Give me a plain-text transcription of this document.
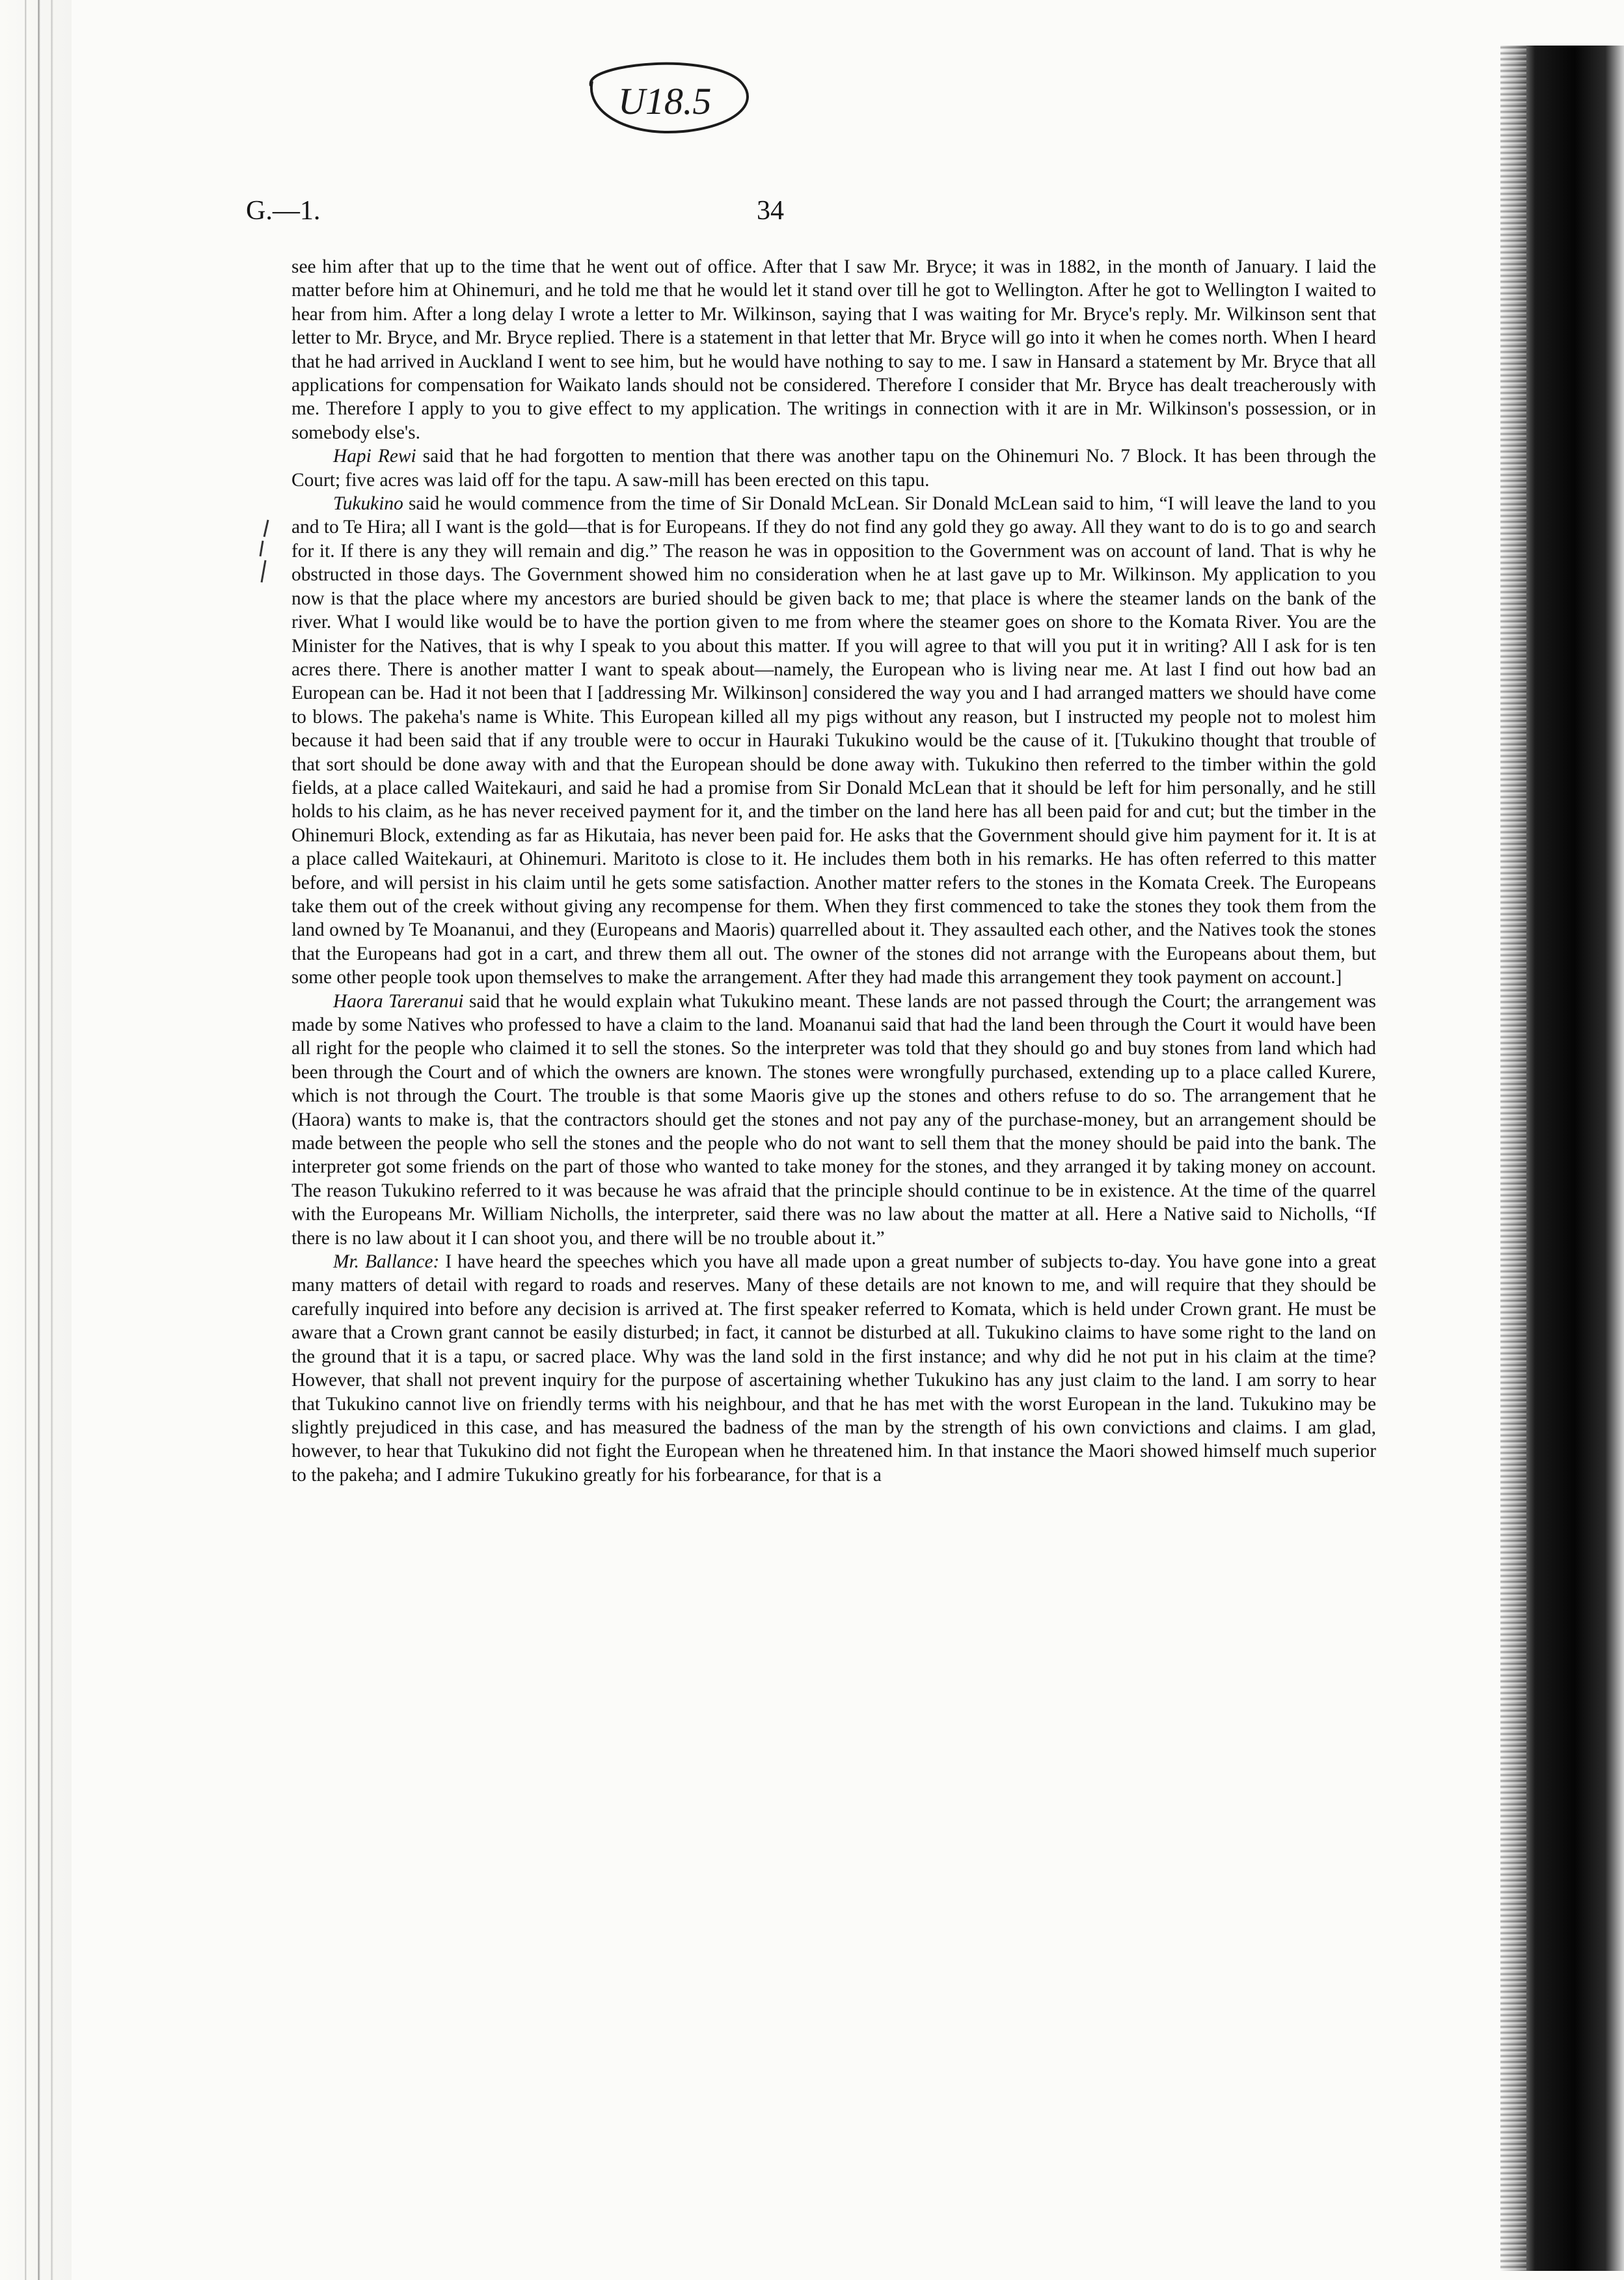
U18.5
G.—1.	34

see him after that up to the time that he went out of office. After that I saw Mr. Bryce; it was in 1882, in the month of January. I laid the matter before him at Ohinemuri, and he told me that he would let it stand over till he got to Wellington. After he got to Wellington I waited to hear from him. After a long delay I wrote a letter to Mr. Wilkinson, saying that I was waiting for Mr. Bryce's reply. Mr. Wilkinson sent that letter to Mr. Bryce, and Mr. Bryce replied. There is a statement in that letter that Mr. Bryce will go into it when he comes north. When I heard that he had arrived in Auckland I went to see him, but he would have nothing to say to me. I saw in Hansard a statement by Mr. Bryce that all applications for compensation for Waikato lands should not be considered. Therefore I consider that Mr. Bryce has dealt treacherously with me. Therefore I apply to you to give effect to my application. The writings in connection with it are in Mr. Wilkinson's possession, or in somebody else's.

Hapi Rewi said that he had forgotten to mention that there was another tapu on the Ohinemuri No. 7 Block. It has been through the Court; five acres was laid off for the tapu. A saw-mill has been erected on this tapu.

Tukukino said he would commence from the time of Sir Donald McLean. Sir Donald McLean said to him, “I will leave the land to you and to Te Hira; all I want is the gold—that is for Europeans. If they do not find any gold they go away. All they want to do is to go and search for it. If there is any they will remain and dig.” The reason he was in opposition to the Government was on account of land. That is why he obstructed in those days. The Government showed him no consideration when he at last gave up to Mr. Wilkinson. My application to you now is that the place where my ancestors are buried should be given back to me; that place is where the steamer lands on the bank of the river. What I would like would be to have the portion given to me from where the steamer goes on shore to the Komata River. You are the Minister for the Natives, that is why I speak to you about this matter. If you will agree to that will you put it in writing? All I ask for is ten acres there. There is another matter I want to speak about—namely, the European who is living near me. At last I find out how bad an European can be. Had it not been that I [addressing Mr. Wilkinson] considered the way you and I had arranged matters we should have come to blows. The pakeha's name is White. This European killed all my pigs without any reason, but I instructed my people not to molest him because it had been said that if any trouble were to occur in Hauraki Tukukino would be the cause of it. [Tukukino thought that trouble of that sort should be done away with and that the European should be done away with. Tukukino then referred to the timber within the gold fields, at a place called Waitekauri, and said he had a promise from Sir Donald McLean that it should be left for him personally, and he still holds to his claim, as he has never received payment for it, and the timber on the land here has all been paid for and cut; but the timber in the Ohinemuri Block, extending as far as Hikutaia, has never been paid for. He asks that the Government should give him payment for it. It is at a place called Waitekauri, at Ohinemuri. Maritoto is close to it. He includes them both in his remarks. He has often referred to this matter before, and will persist in his claim until he gets some satisfaction. Another matter refers to the stones in the Komata Creek. The Europeans take them out of the creek without giving any recompense for them. When they first commenced to take the stones they took them from the land owned by Te Moananui, and they (Europeans and Maoris) quarrelled about it. They assaulted each other, and the Natives took the stones that the Europeans had got in a cart, and threw them all out. The owner of the stones did not arrange with the Europeans about them, but some other people took upon themselves to make the arrangement. After they had made this arrangement they took payment on account.]

Haora Tareranui said that he would explain what Tukukino meant. These lands are not passed through the Court; the arrangement was made by some Natives who professed to have a claim to the land. Moananui said that had the land been through the Court it would have been all right for the people who claimed it to sell the stones. So the interpreter was told that they should go and buy stones from land which had been through the Court and of which the owners are known. The stones were wrongfully purchased, extending up to a place called Kurere, which is not through the Court. The trouble is that some Maoris give up the stones and others refuse to do so. The arrangement that he (Haora) wants to make is, that the contractors should get the stones and not pay any of the purchase-money, but an arrangement should be made between the people who sell the stones and the people who do not want to sell them that the money should be paid into the bank. The interpreter got some friends on the part of those who wanted to take money for the stones, and they arranged it by taking money on account. The reason Tukukino referred to it was because he was afraid that the principle should continue to be in existence. At the time of the quarrel with the Europeans Mr. William Nicholls, the interpreter, said there was no law about the matter at all. Here a Native said to Nicholls, “If there is no law about it I can shoot you, and there will be no trouble about it.”

Mr. Ballance: I have heard the speeches which you have all made upon a great number of subjects to-day. You have gone into a great many matters of detail with regard to roads and reserves. Many of these details are not known to me, and will require that they should be carefully inquired into before any decision is arrived at. The first speaker referred to Komata, which is held under Crown grant. He must be aware that a Crown grant cannot be easily disturbed; in fact, it cannot be disturbed at all. Tukukino claims to have some right to the land on the ground that it is a tapu, or sacred place. Why was the land sold in the first instance; and why did he not put in his claim at the time? However, that shall not prevent inquiry for the purpose of ascertaining whether Tukukino has any just claim to the land. I am sorry to hear that Tukukino cannot live on friendly terms with his neighbour, and that he has met with the worst European in the land. Tukukino may be slightly prejudiced in this case, and has measured the badness of the man by the strength of his own convictions and claims. I am glad, however, to hear that Tukukino did not fight the European when he threatened him. In that instance the Maori showed himself much superior to the pakeha; and I admire Tukukino greatly for his forbearance, for that is a
